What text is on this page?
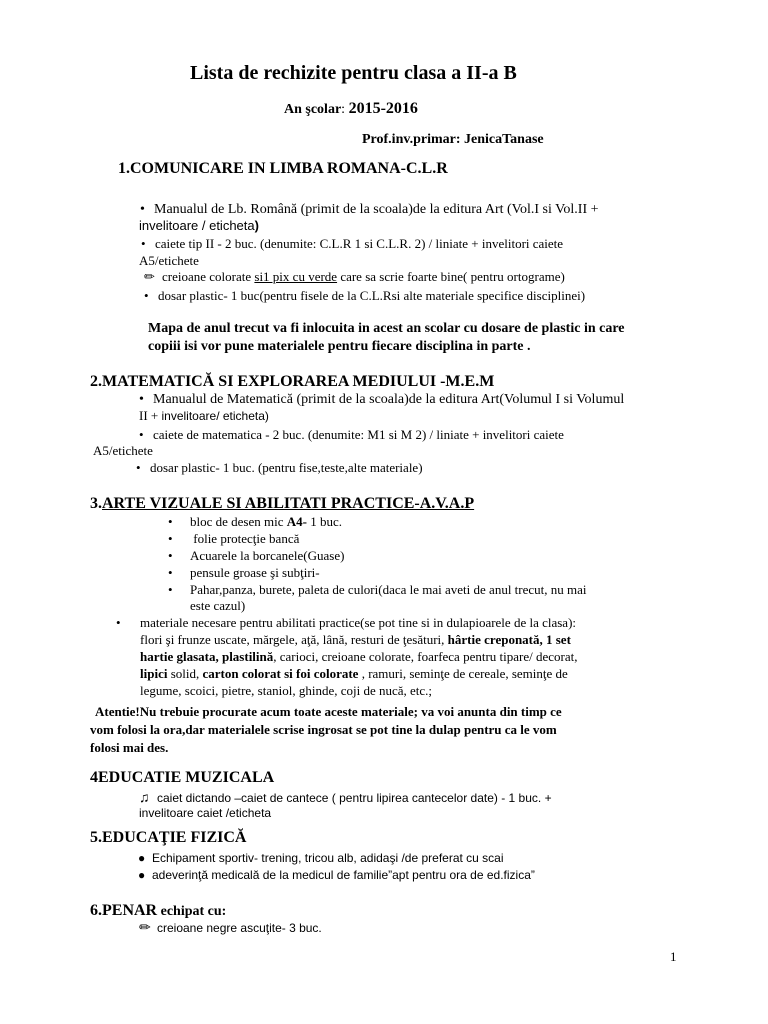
Lista de rechizite pentru clasa a II-a B
An şcolar: 2015-2016
Prof.inv.primar: JenicaTanase
1.COMUNICARE IN LIMBA ROMANA-C.L.R
• Manualul de Lb. Română (primit de la scoala)de la editura Art (Vol.I si Vol.II +
invelitoare / eticheta)
• caiete tip II - 2 buc. (denumite: C.L.R 1 si C.L.R. 2) / liniate + invelitori caiete
A5/etichete
✏ creioane colorate si1 pix cu verde care sa scrie foarte bine( pentru ortograme)
• dosar plastic- 1 buc(pentru fisele de la C.L.Rsi alte materiale specifice disciplinei)
Mapa de anul trecut va fi inlocuita in acest an scolar cu dosare de plastic in care
copiii isi vor pune materialele pentru fiecare disciplina in parte .
2.MATEMATICĂ SI EXPLORAREA MEDIULUI -M.E.M
• Manualul de Matematică (primit de la scoala)de la editura Art(Volumul I si Volumul
II + invelitoare/ eticheta)
• caiete de matematica - 2 buc. (denumite: M1 si M 2) / liniate + invelitori caiete
A5/etichete
• dosar plastic- 1 buc. (pentru fise,teste,alte materiale)
3.ARTE VIZUALE SI ABILITATI PRACTICE-A.V.A.P
• bloc de desen mic A4- 1 buc.
• folie protecţie bancă
• Acuarele la borcanele(Guase)
• pensule groase şi subţiri-
• Pahar,panza, burete, paleta de culori(daca le mai aveti de anul trecut, nu mai
este cazul)
• materiale necesare pentru abilitati practice(se pot tine si in dulapioarele de la clasa):
flori şi frunze uscate, mărgele, aţă, lână, resturi de ţesături, hârtie creponată, 1 set
hartie glasata, plastilină, carioci, creioane colorate, foarfeca pentru tipare/ decorat,
lipici solid, carton colorat si foi colorate , ramuri, seminţe de cereale, seminţe de
legume, scoici, pietre, staniol, ghinde, coji de nucă, etc.;
Atentie!Nu trebuie procurate acum toate aceste materiale; va voi anunta din timp ce
vom folosi la ora,dar materialele scrise ingrosat se pot tine la dulap pentru ca le vom
folosi mai des.
4EDUCATIE MUZICALA
♫ caiet dictando –caiet de cantece ( pentru lipirea cantecelor date) - 1 buc. +
invelitoare caiet /eticheta
5.EDUCAŢIE FIZICĂ
● Echipament sportiv- trening, tricou alb, adidaşi /de preferat cu scai
● adeverinţă medicală de la medicul de familie”apt pentru ora de ed.fizica”
6.PENAR echipat cu:
✏ creioane negre ascuţite- 3 buc.
1
